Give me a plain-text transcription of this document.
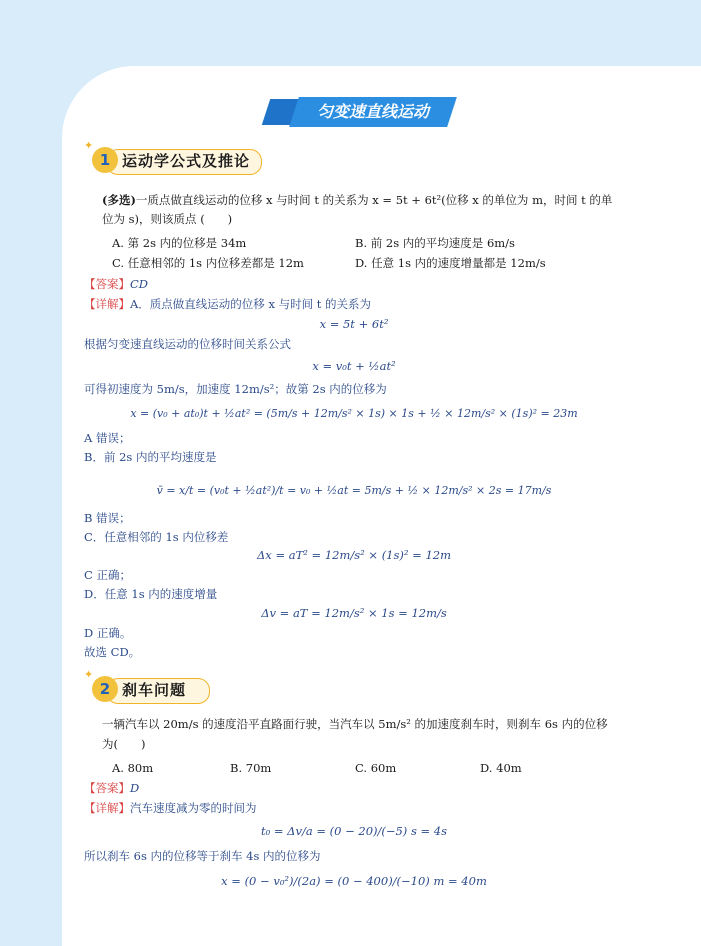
匀变速直线运动
✦
1 运动学公式及推论
(多选)一质点做直线运动的位移 x 与时间 t 的关系为 x = 5t + 6t²(位移 x 的单位为 m，时间 t 的单
位为 s)，则该质点 (　　)
A. 第 2s 内的位移是 34m	B. 前 2s 内的平均速度是 6m/s
C. 任意相邻的 1s 内位移差都是 12m	D. 任意 1s 内的速度增量都是 12m/s
【答案】CD
【详解】A．质点做直线运动的位移 x 与时间 t 的关系为
x = 5t + 6t²
根据匀变速直线运动的位移时间关系公式
x = v₀t + ½at²
可得初速度为 5m/s，加速度 12m/s²；故第 2s 内的位移为
x = (v₀ + at₀)t + ½at² = (5m/s + 12m/s² × 1s) × 1s + ½ × 12m/s² × (1s)² = 23m
A 错误；
B．前 2s 内的平均速度是
v̄ = x/t = (v₀t + ½at²)/t = v₀ + ½at = 5m/s + ½ × 12m/s² × 2s = 17m/s
B 错误；
C．任意相邻的 1s 内位移差
Δx = aT² = 12m/s² × (1s)² = 12m
C 正确；
D．任意 1s 内的速度增量
Δv = aT = 12m/s² × 1s = 12m/s
D 正确。
故选 CD。
✦
2 刹车问题
一辆汽车以 20m/s 的速度沿平直路面行驶，当汽车以 5m/s² 的加速度刹车时，则刹车 6s 内的位移
为(　　)
A. 80m	B. 70m	C. 60m	D. 40m
【答案】D
【详解】汽车速度减为零的时间为
t₀ = Δv/a = (0 − 20)/(−5) s = 4s
所以刹车 6s 内的位移等于刹车 4s 内的位移为
x = (0 − v₀²)/(2a) = (0 − 400)/(−10) m = 40m
